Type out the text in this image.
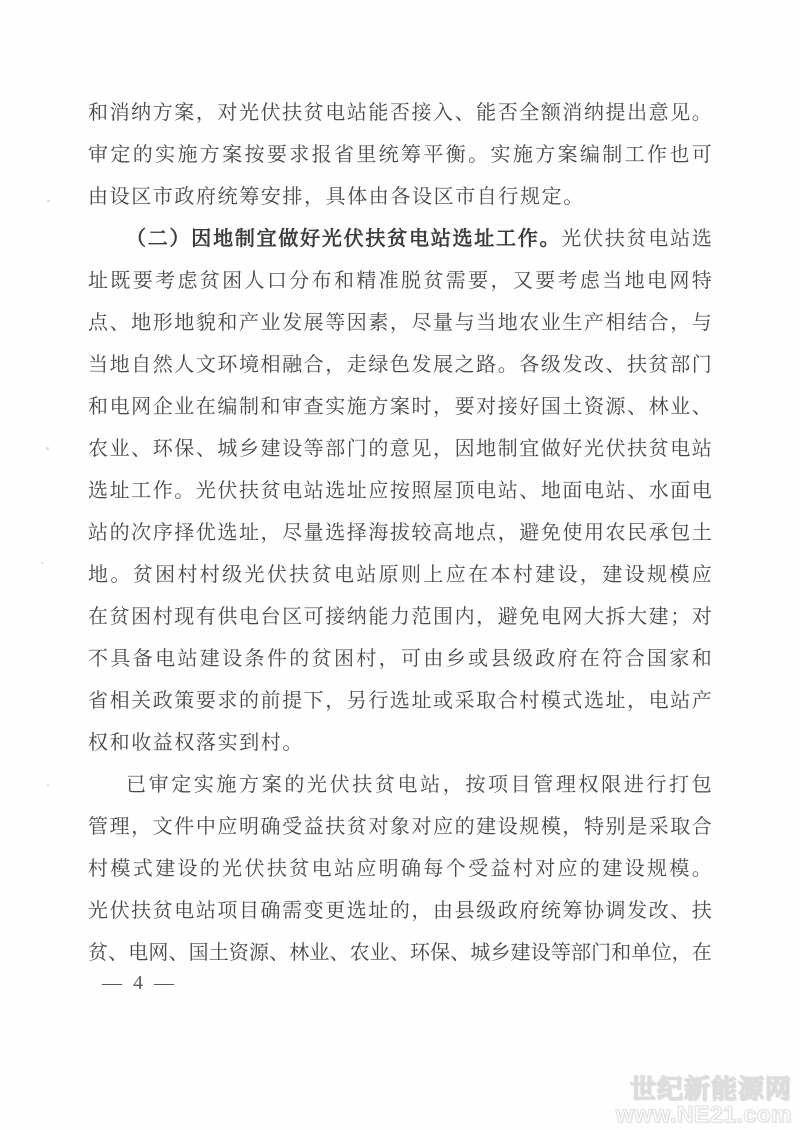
和 消 纳 方 案 ， 对 光 伏 扶 贫 电 站 能 否 接 入 、 能 否 全 额 消 纳 提 出 意 见 。
审 定 的 实 施 方 案 按 要 求 报 省 里 统 筹 平 衡 。 实 施 方 案 编 制 工 作 也 可
由设区市政府统筹安排，具体由各设区市自行规定。
（ 二 ） 因 地 制 宜 做 好 光 伏 扶 贫 电 站 选 址 工 作 。 光 伏 扶 贫 电 站 选
址 既 要 考 虑 贫 困 人 口 分 布 和 精 准 脱 贫 需 要 ， 又 要 考 虑 当 地 电 网 特
点 、 地 形 地 貌 和 产 业 发 展 等 因 素 ， 尽 量 与 当 地 农 业 生 产 相 结 合 ， 与
当 地 自 然 人 文 环 境 相 融 合 ， 走 绿 色 发 展 之 路 。 各 级 发 改 、 扶 贫 部 门
和 电 网 企 业 在 编 制 和 审 查 实 施 方 案 时 ， 要 对 接 好 国 土 资 源 、 林 业 、
农 业 、 环 保 、 城 乡 建 设 等 部 门 的 意 见 ， 因 地 制 宜 做 好 光 伏 扶 贫 电 站
选 址 工 作 。 光 伏 扶 贫 电 站 选 址 应 按 照 屋 顶 电 站 、 地 面 电 站 、 水 面 电
站 的 次 序 择 优 选 址 ， 尽 量 选 择 海 拔 较 高 地 点 ， 避 免 使 用 农 民 承 包 土
地 。 贫 困 村 村 级 光 伏 扶 贫 电 站 原 则 上 应 在 本 村 建 设 ， 建 设 规 模 应
在 贫 困 村 现 有 供 电 台 区 可 接 纳 能 力 范 围 内 ， 避 免 电 网 大 拆 大 建 ； 对
不 具 备 电 站 建 设 条 件 的 贫 困 村 ， 可 由 乡 或 县 级 政 府 在 符 合 国 家 和
省 相 关 政 策 要 求 的 前 提 下 ， 另 行 选 址 或 采 取 合 村 模 式 选 址 ， 电 站 产
权和收益权落实到村。
已 审 定 实 施 方 案 的 光 伏 扶 贫 电 站 ， 按 项 目 管 理 权 限 进 行 打 包
管 理 ， 文 件 中 应 明 确 受 益 扶 贫 对 象 对 应 的 建 设 规 模 ， 特 别 是 采 取 合
村 模 式 建 设 的 光 伏 扶 贫 电 站 应 明 确 每 个 受 益 村 对 应 的 建 设 规 模 。
光 伏 扶 贫 电 站 项 目 确 需 变 更 选 址 的 ， 由 县 级 政 府 统 筹 协 调 发 改 、 扶
贫 、 电 网 、 国 土 资 源 、 林 业 、 农 业 、 环 保 、 城 乡 建 设 等 部 门 和 单 位 ， 在
— 4 —
世纪新能源网
www.NE21.com
